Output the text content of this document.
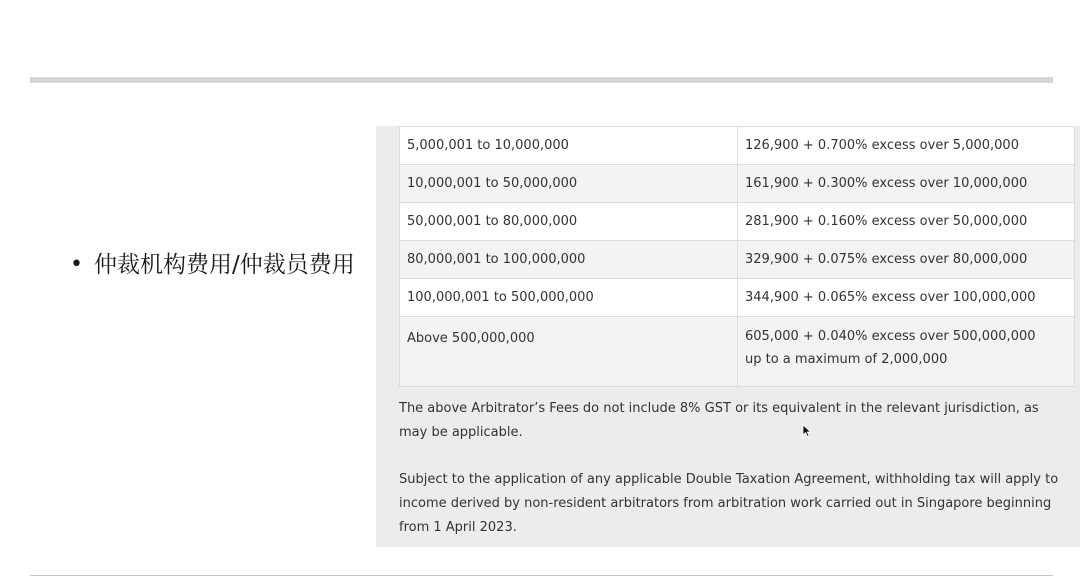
• 仲裁机构费用/仲裁员费用
5,000,001 to 10,000,000	126,900 + 0.700% excess over 5,000,000
10,000,001 to 50,000,000	161,900 + 0.300% excess over 10,000,000
50,000,001 to 80,000,000	281,900 + 0.160% excess over 50,000,000
80,000,001 to 100,000,000	329,900 + 0.075% excess over 80,000,000
100,000,001 to 500,000,000	344,900 + 0.065% excess over 100,000,000
Above 500,000,000	605,000 + 0.040% excess over 500,000,000
up to a maximum of 2,000,000

The above Arbitrator’s Fees do not include 8% GST or its equivalent in the relevant jurisdiction, as may be applicable.

Subject to the application of any applicable Double Taxation Agreement, withholding tax will apply to income derived by non-resident arbitrators from arbitration work carried out in Singapore beginning from 1 April 2023.
